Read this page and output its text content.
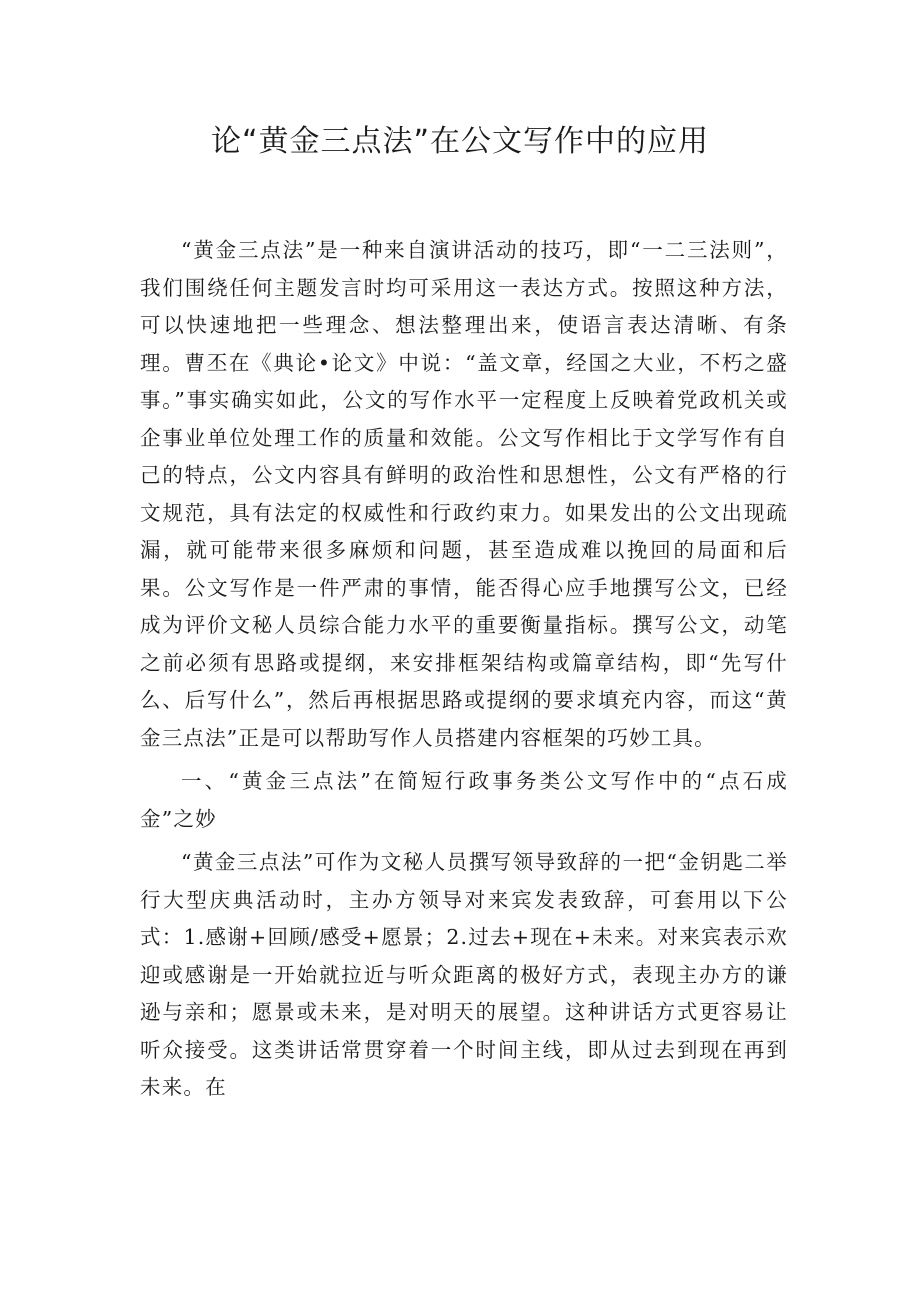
论“黄金三点法”在公文写作中的应用

“黄金三点法”是一种来自演讲活动的技巧，即“一二三法则”，我们围绕任何主题发言时均可采用这一表达方式。按照这种方法，可以快速地把一些理念、想法整理出来，使语言表达清晰、有条理。曹丕在《典论•论文》中说：“盖文章，经国之大业，不朽之盛事。”事实确实如此，公文的写作水平一定程度上反映着党政机关或企事业单位处理工作的质量和效能。公文写作相比于文学写作有自己的特点，公文内容具有鲜明的政治性和思想性，公文有严格的行文规范，具有法定的权威性和行政约束力。如果发出的公文出现疏漏，就可能带来很多麻烦和问题，甚至造成难以挽回的局面和后果。公文写作是一件严肃的事情，能否得心应手地撰写公文，已经成为评价文秘人员综合能力水平的重要衡量指标。撰写公文，动笔之前必须有思路或提纲，来安排框架结构或篇章结构，即“先写什么、后写什么”，然后再根据思路或提纲的要求填充内容，而这“黄金三点法”正是可以帮助写作人员搭建内容框架的巧妙工具。

一、“黄金三点法”在简短行政事务类公文写作中的“点石成金”之妙

“黄金三点法”可作为文秘人员撰写领导致辞的一把“金钥匙二举行大型庆典活动时，主办方领导对来宾发表致辞，可套用以下公式：1.感谢+回顾/感受+愿景；2.过去+现在+未来。对来宾表示欢迎或感谢是一开始就拉近与听众距离的极好方式，表现主办方的谦逊与亲和；愿景或未来，是对明天的展望。这种讲话方式更容易让听众接受。这类讲话常贯穿着一个时间主线，即从过去到现在再到未来。在
